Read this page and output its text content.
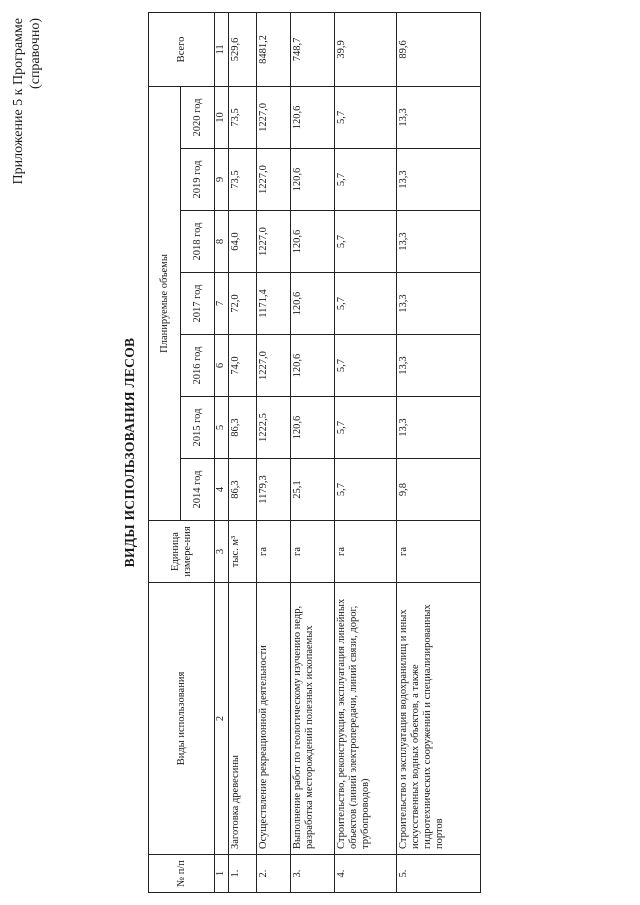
Приложение 5 к Программе (справочно)
ВИДЫ ИСПОЛЬЗОВАНИЯ ЛЕСОВ
№ п/п	Виды использования	Единица измере-ния	Планируемые объемы							Всего
			2014 год	2015 год	2016 год	2017 год	2018 год	2019 год	2020 год	
1	2	3	4	5	6	7	8	9	10	11
1.	Заготовка древесины	тыс. м³	86,3	86,3	74,0	72,0	64,0	73,5	73,5	529,6
2.	Осуществление рекреационной деятельности	га	1179,3	1222,5	1227,0	1171,4	1227,0	1227,0	1227,0	8481,2
3.	Выполнение работ по геологическому изучению недр, разработка месторождений полезных ископаемых	га	25,1	120,6	120,6	120,6	120,6	120,6	120,6	748,7
4.	Строительство, реконструкция, эксплуатация линейных объектов (линий электропередачи, линий связи, дорог, трубопроводов)	га	5,7	5,7	5,7	5,7	5,7	5,7	5,7	39,9
5.	Строительство и эксплуатация водохранилищ и иных искусственных водных объектов, а также гидротехнических сооружений и специализированных портов	га	9,8	13,3	13,3	13,3	13,3	13,3	13,3	89,6
